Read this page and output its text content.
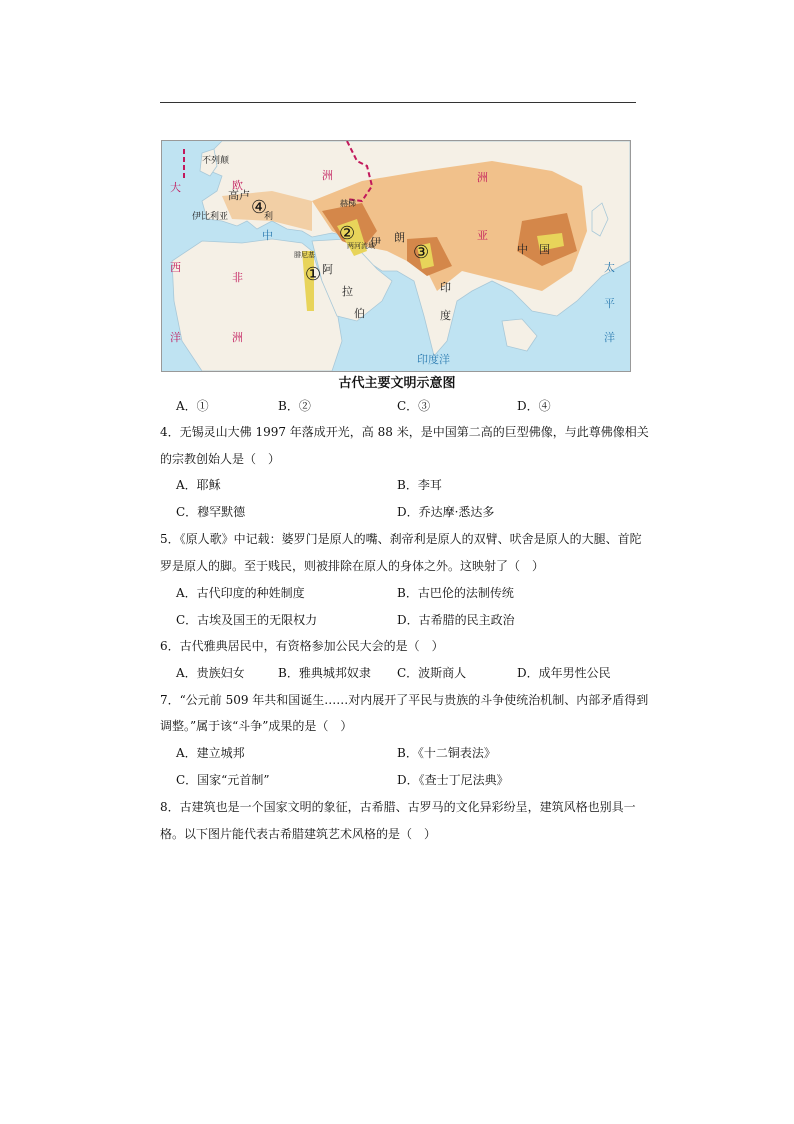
不列颠
欧
洲
高卢
伊比利亚	利
大
西
洋
中
非
洲
赫梯
腓尼基
两河流域
伊 朗
阿
拉
伯
亚
洲
印
度
中　国
印度洋
太
平
洋
①
②
③
④
古代主要文明示意图
A．①	B．②	C．③	D．④
4．无锡灵山大佛 1997 年落成开光，高 88 米，是中国第二高的巨型佛像，与此尊佛像相关
的宗教创始人是（　）
A．耶稣	B．李耳
C．穆罕默德	D．乔达摩·悉达多
5．《原人歌》中记载：婆罗门是原人的嘴、刹帝利是原人的双臂、吠舍是原人的大腿、首陀
罗是原人的脚。至于贱民，则被排除在原人的身体之外。这映射了（　）
A．古代印度的种姓制度	B．古巴伦的法制传统
C．古埃及国王的无限权力	D．古希腊的民主政治
6．古代雅典居民中，有资格参加公民大会的是（　）
A．贵族妇女	B．雅典城邦奴隶 C．波斯商人	D．成年男性公民
7．“公元前 509 年共和国诞生……对内展开了平民与贵族的斗争使统治机制、内部矛盾得到
调整。”属于该“斗争”成果的是（　）
A．建立城邦	B．《十二铜表法》
C．国家“元首制”	D．《查士丁尼法典》
8．古建筑也是一个国家文明的象征，古希腊、古罗马的文化异彩纷呈，建筑风格也别具一
格。以下图片能代表古希腊建筑艺术风格的是（　）
